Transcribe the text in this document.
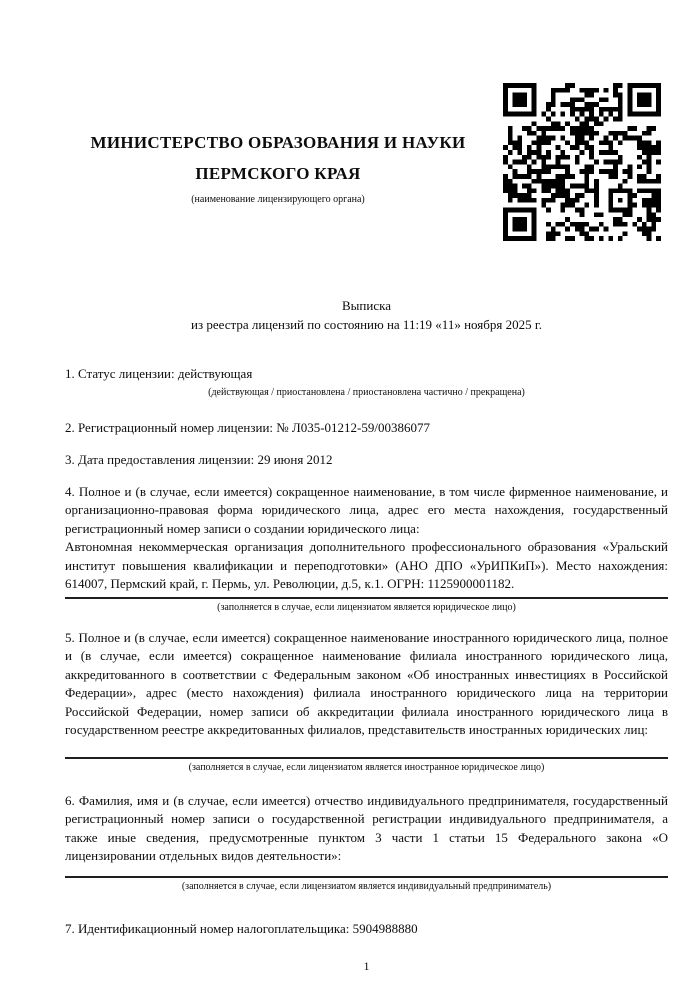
МИНИСТЕРСТВО ОБРАЗОВАНИЯ И НАУКИ
ПЕРМСКОГО КРАЯ
(наименование лицензирующего органа)
Выписка
из реестра лицензий по состоянию на 11:19 «11» ноября 2025 г.

1. Статус лицензии: действующая

(действующая / приостановлена / приостановлена частично / прекращена)

2. Регистрационный номер лицензии: № Л035-01212-59/00386077

3. Дата предоставления лицензии: 29 июня 2012

4. Полное и (в случае, если имеется) сокращенное наименование, в том числе фирменное наименование, и организационно-правовая форма юридического лица, адрес его места нахождения, государственный регистрационный номер записи о создании юридического лица:
Автономная некоммерческая организация дополнительного профессионального образования «Уральский институт повышения квалификации и переподготовки» (АНО ДПО «УрИПКиП»). Место нахождения: 614007, Пермский край, г. Пермь, ул. Революции, д.5, к.1. ОГРН: 1125900001182.
(заполняется в случае, если лицензиатом является юридическое лицо)
5. Полное и (в случае, если имеется) сокращенное наименование иностранного юридического лица, полное и (в случае, если имеется) сокращенное наименование филиала иностранного юридического лица, аккредитованного в соответствии с Федеральным законом «Об иностранных инвестициях в Российской Федерации», адрес (место нахождения) филиала иностранного юридического лица на территории Российской Федерации, номер записи об аккредитации филиала иностранного юридического лица в государственном реестре аккредитованных филиалов, представительств иностранных юридических лиц:
(заполняется в случае, если лицензиатом является иностранное юридическое лицо)
6. Фамилия, имя и (в случае, если имеется) отчество индивидуального предпринимателя, государственный регистрационный номер записи о государственной регистрации индивидуального предпринимателя, а также иные сведения, предусмотренные пунктом 3 части 1 статьи 15 Федерального закона «О лицензировании отдельных видов деятельности»:
(заполняется в случае, если лицензиатом является индивидуальный предприниматель)

7. Идентификационный номер налогоплательщика: 5904988880

1
